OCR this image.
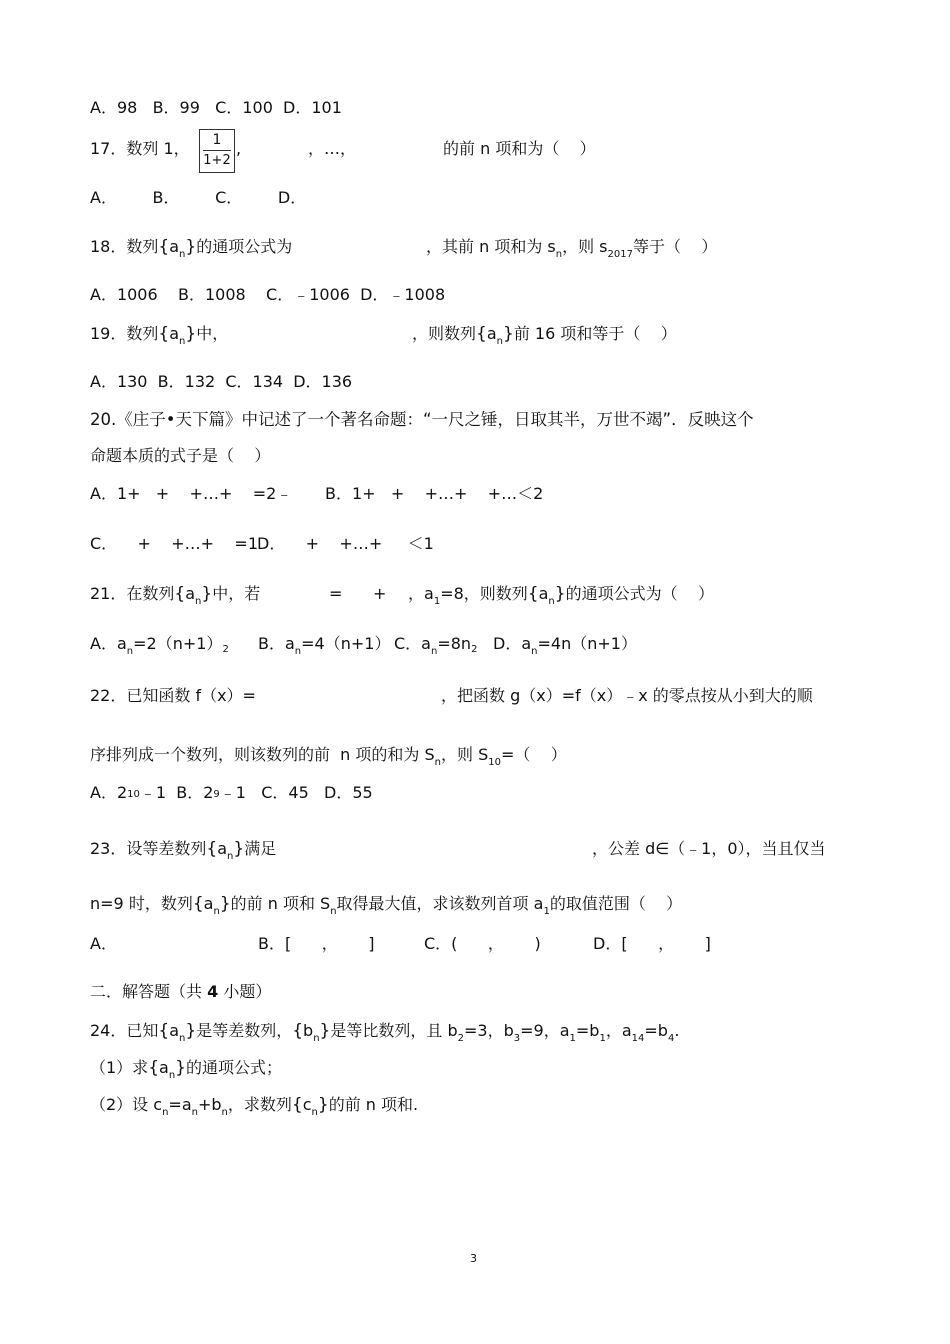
A．98   B．99   C．100  D．101
17．数列 1， $\frac{1}{1+2}$ ,	，…，	的前 n 项和为（    ）
A．       B．       C．       D．
18．数列$\{a_n\}$的通项公式为	，其前 n 项和为 $s_n$，则 $s_{2017}$等于（    ）
A．1006    B．1008    C．﹣1006  D．﹣1008
19．数列$\{a_n\}$中，	，则数列$\{a_n\}$前 16 项和等于（    ）
A．130  B．132  C．134  D．136
20.《庄子•天下篇》中记述了一个著名命题：“一尺之锤，日取其半，万世不竭”．反映这个
命题本质的式子是（    ）
A．1+   +    +…+    =2﹣ B．1+   +    +…+    +…＜2
C．    +    +…+    =1
D．    +    +…+     ＜1
21．在数列$\{a_n\}$中，若	= + ，$a_1=8$，则数列$\{a_n\}$的通项公式为（    ）
A．$a_n=2(n+1)2$ B．$a_n=4(n+1)$ C．$a_n=8n2$ D．$a_n=4n(n+1)$
22．已知函数 f（x）=	，把函数 g（x）=f（x）﹣x 的零点按从小到大的顺
序排列成一个数列，则该数列的前  n 项的和为 $S_n$，则 $S_{10}=$（    ）
A．210﹣1 B．29﹣1 C．45   D．55
23．设等差数列$\{a_n\}$满足	，公差 d∈（﹣1，0），当且仅当
n=9 时，数列$\{a_n\}$的前 n 项和 $S_n$取得最大值，求该数列首项 $a_1$的取值范围（    ）
A．	B．[      ，      ]	C．(      ，      )	D．[      ，      ]
二．解答题（共 4 小题）
24．已知$\{a_n\}$是等差数列，$\{b_n\}$是等比数列，且 $b_2=3$，$b_3=9$，$a_1=b_1$，$a_{14}=b_4$.
（1）求$\{a_n\}$的通项公式；
（2）设 $c_n=a_n+b_n$，求数列$\{c_n\}$的前 n 项和.
3
